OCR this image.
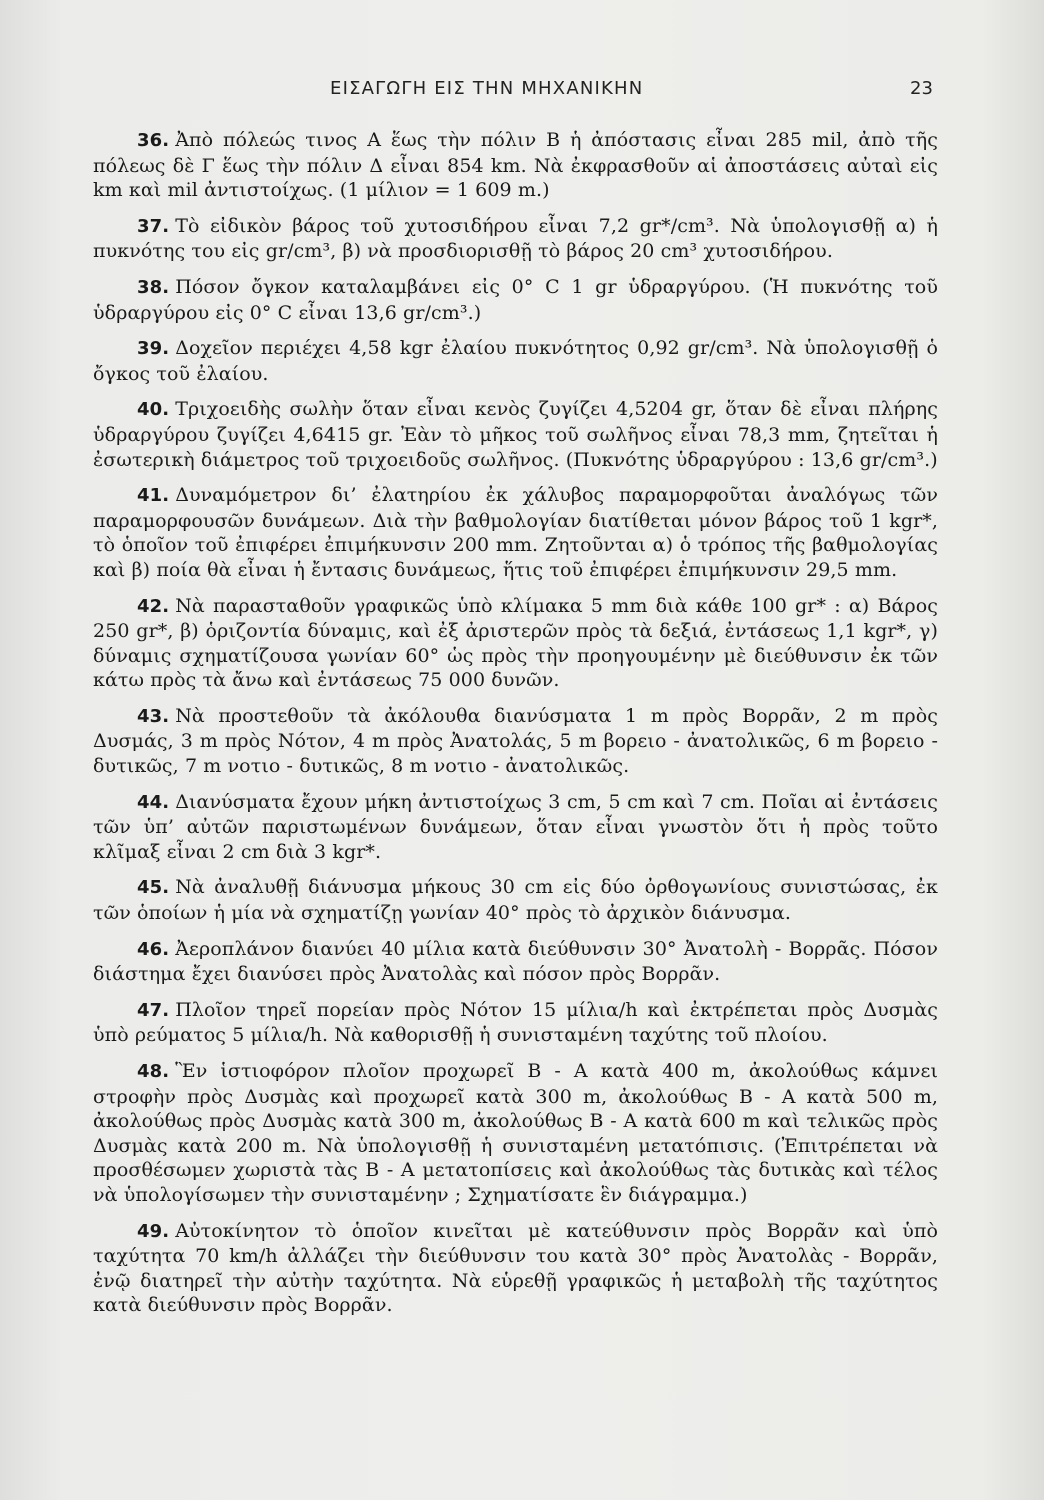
ΕΙΣΑΓΩΓΗ ΕΙΣ ΤΗΝ ΜΗΧΑΝΙΚΗΝ	23

36. Ἀπὸ πόλεώς τινος Α ἕως τὴν πόλιν Β ἡ ἀπόστασις εἶναι 285 mil, ἀπὸ τῆς πόλεως δὲ Γ ἕως τὴν πόλιν Δ εἶναι 854 km. Νὰ ἐκφρασθοῦν αἱ ἀποστάσεις αὐταὶ εἰς km καὶ mil ἀντιστοίχως. (1 μίλιον = 1 609 m.)

37. Τὸ εἰδικὸν βάρος τοῦ χυτοσιδήρου εἶναι 7,2 gr*/cm³. Νὰ ὑπολογισθῇ α) ἡ πυκνότης του εἰς gr/cm³, β) νὰ προσδιορισθῇ τὸ βάρος 20 cm³ χυτοσιδήρου.

38. Πόσον ὄγκον καταλαμβάνει εἰς 0° C 1 gr ὑδραργύρου. (Ἡ πυκνότης τοῦ ὑδραργύρου εἰς 0° C εἶναι 13,6 gr/cm³.)

39. Δοχεῖον περιέχει 4,58 kgr ἐλαίου πυκνότητος 0,92 gr/cm³. Νὰ ὑπολογισθῇ ὁ ὄγκος τοῦ ἐλαίου.

40. Τριχοειδὴς σωλὴν ὅταν εἶναι κενὸς ζυγίζει 4,5204 gr, ὅταν δὲ εἶναι πλήρης ὑδραργύρου ζυγίζει 4,6415 gr. Ἐὰν τὸ μῆκος τοῦ σωλῆνος εἶναι 78,3 mm, ζητεῖται ἡ ἐσωτερικὴ διάμετρος τοῦ τριχοειδοῦς σωλῆνος. (Πυκνότης ὑδραργύρου : 13,6 gr/cm³.)

41. Δυναμόμετρον δι’ ἐλατηρίου ἐκ χάλυβος παραμορφοῦται ἀναλόγως τῶν παραμορφουσῶν δυνάμεων. Διὰ τὴν βαθμολογίαν διατίθεται μόνον βάρος τοῦ 1 kgr*, τὸ ὁποῖον τοῦ ἐπιφέρει ἐπιμήκυνσιν 200 mm. Ζητοῦνται α) ὁ τρόπος τῆς βαθμολογίας καὶ β) ποία θὰ εἶναι ἡ ἔντασις δυνάμεως, ἥτις τοῦ ἐπιφέρει ἐπιμήκυνσιν 29,5 mm.

42. Νὰ παρασταθοῦν γραφικῶς ὑπὸ κλίμακα 5 mm διὰ κάθε 100 gr* : α) Βάρος 250 gr*, β) ὁριζοντία δύναμις, καὶ ἐξ ἀριστερῶν πρὸς τὰ δεξιά, ἐντάσεως 1,1 kgr*, γ) δύναμις σχηματίζουσα γωνίαν 60° ὡς πρὸς τὴν προηγουμένην μὲ διεύθυνσιν ἐκ τῶν κάτω πρὸς τὰ ἄνω καὶ ἐντάσεως 75 000 δυνῶν.

43. Νὰ προστεθοῦν τὰ ἀκόλουθα διανύσματα 1 m πρὸς Βορρᾶν, 2 m πρὸς Δυσμάς, 3 m πρὸς Νότον, 4 m πρὸς Ἀνατολάς, 5 m βορειο - ἀνατολικῶς, 6 m βορειο - δυτικῶς, 7 m νοτιο - δυτικῶς, 8 m νοτιο - ἀνατολικῶς.

44. Διανύσματα ἔχουν μήκη ἀντιστοίχως 3 cm, 5 cm καὶ 7 cm. Ποῖαι αἱ ἐντάσεις τῶν ὑπ’ αὐτῶν παριστωμένων δυνάμεων, ὅταν εἶναι γνωστὸν ὅτι ἡ πρὸς τοῦτο κλῖμαξ εἶναι 2 cm διὰ 3 kgr*.

45. Νὰ ἀναλυθῇ διάνυσμα μήκους 30 cm εἰς δύο ὀρθογωνίους συνιστώσας, ἐκ τῶν ὁποίων ἡ μία νὰ σχηματίζῃ γωνίαν 40° πρὸς τὸ ἀρχικὸν διάνυσμα.

46. Ἀεροπλάνον διανύει 40 μίλια κατὰ διεύθυνσιν 30° Ἀνατολὴ - Βορρᾶς. Πόσον διάστημα ἔχει διανύσει πρὸς Ἀνατολὰς καὶ πόσον πρὸς Βορρᾶν.

47. Πλοῖον τηρεῖ πορείαν πρὸς Νότον 15 μίλια/h καὶ ἐκτρέπεται πρὸς Δυσμὰς ὑπὸ ρεύματος 5 μίλια/h. Νὰ καθορισθῇ ἡ συνισταμένη ταχύτης τοῦ πλοίου.

48. Ἓν ἱστιοφόρον πλοῖον προχωρεῖ Β - Α κατὰ 400 m, ἀκολούθως κάμνει στροφὴν πρὸς Δυσμὰς καὶ προχωρεῖ κατὰ 300 m, ἀκολούθως Β - Α κατὰ 500 m, ἀκολούθως πρὸς Δυσμὰς κατὰ 300 m, ἀκολούθως Β - Α κατὰ 600 m καὶ τελικῶς πρὸς Δυσμὰς κατὰ 200 m. Νὰ ὑπολογισθῇ ἡ συνισταμένη μετατόπισις. (Ἐπιτρέπεται νὰ προσθέσωμεν χωριστὰ τὰς Β - Α μετατοπίσεις καὶ ἀκολούθως τὰς δυτικὰς καὶ τέλος νὰ ὑπολογίσωμεν τὴν συνισταμένην ; Σχηματίσατε ἓν διάγραμμα.)

49. Αὐτοκίνητον τὸ ὁποῖον κινεῖται μὲ κατεύθυνσιν πρὸς Βορρᾶν καὶ ὑπὸ ταχύτητα 70 km/h ἀλλάζει τὴν διεύθυνσιν του κατὰ 30° πρὸς Ἀνατολὰς - Βορρᾶν, ἐνῷ διατηρεῖ τὴν αὐτὴν ταχύτητα. Νὰ εὑρεθῇ γραφικῶς ἡ μεταβολὴ τῆς ταχύτητος κατὰ διεύθυνσιν πρὸς Βορρᾶν.
